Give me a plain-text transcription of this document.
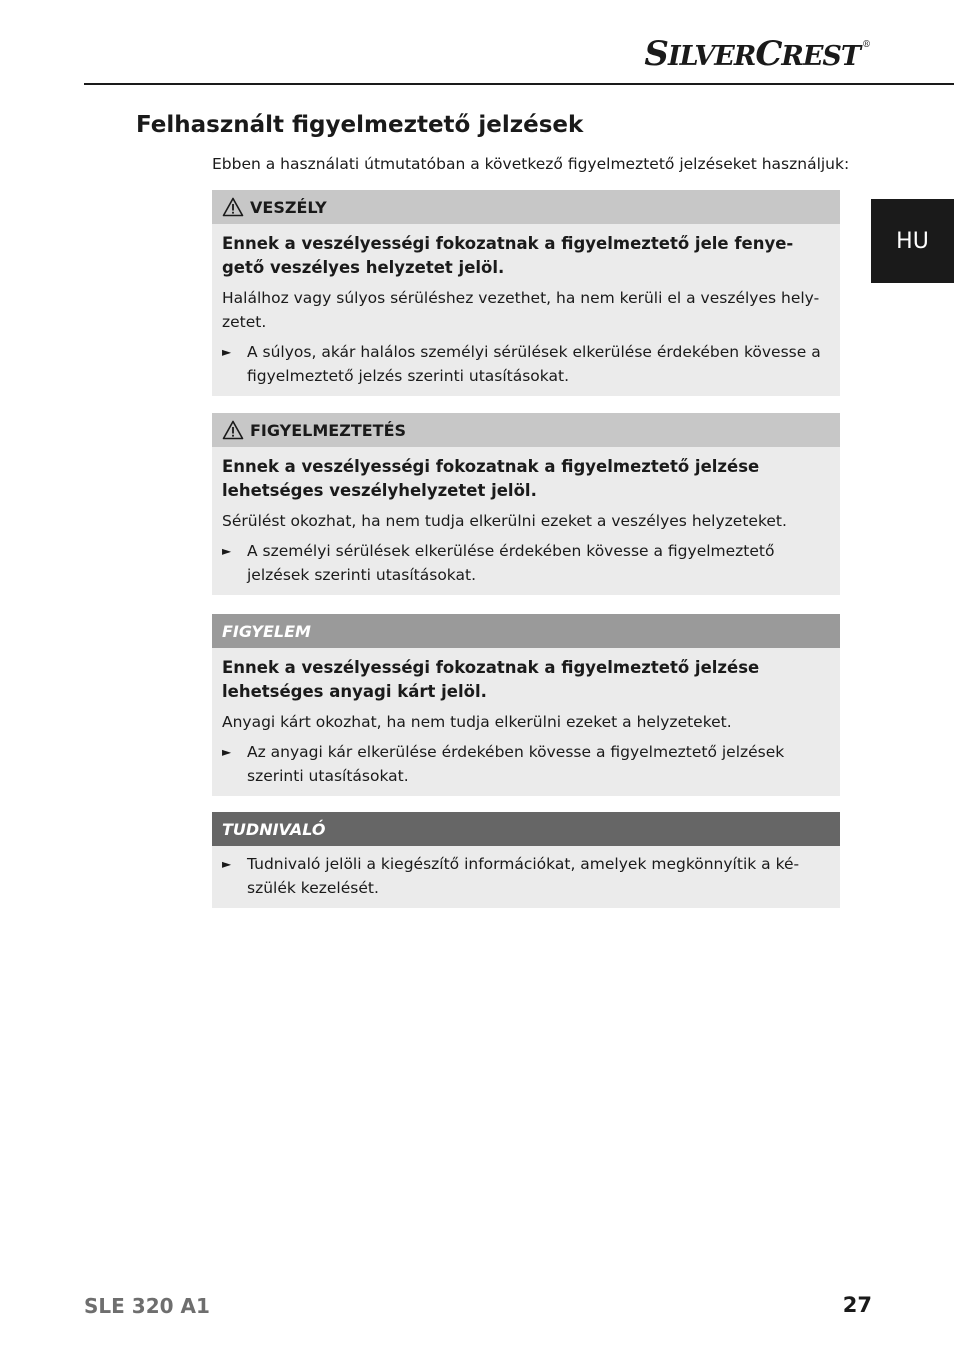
SILVERCREST ®
HU
Felhasznált figyelmeztető jelzések
Ebben a használati útmutatóban a következő figyelmeztető jelzéseket használjuk:
VESZÉLY

Ennek a veszélyességi fokozatnak a figyelmeztető jele fenye-gető veszélyes helyzetet jelöl.

Halálhoz vagy súlyos sérüléshez vezethet, ha nem kerüli el a veszélyes hely-zetet.

►	A súlyos, akár halálos személyi sérülések elkerülése érdekében kövesse a figyelmeztető jelzés szerinti utasításokat.
FIGYELMEZTETÉS

Ennek a veszélyességi fokozatnak a figyelmeztető jelzése lehetséges veszélyhelyzetet jelöl.

Sérülést okozhat, ha nem tudja elkerülni ezeket a veszélyes helyzeteket.

►	A személyi sérülések elkerülése érdekében kövesse a figyelmeztető jelzések szerinti utasításokat.
FIGYELEM

Ennek a veszélyességi fokozatnak a figyelmeztető jelzése lehetséges anyagi kárt jelöl.

Anyagi kárt okozhat, ha nem tudja elkerülni ezeket a helyzeteket.

►	Az anyagi kár elkerülése érdekében kövesse a figyelmeztető jelzések szerinti utasításokat.
TUDNIVALÓ
►	Tudnivaló jelöli a kiegészítő információkat, amelyek megkönnyítik a ké-szülék kezelését.
SLE 320 A1	27
